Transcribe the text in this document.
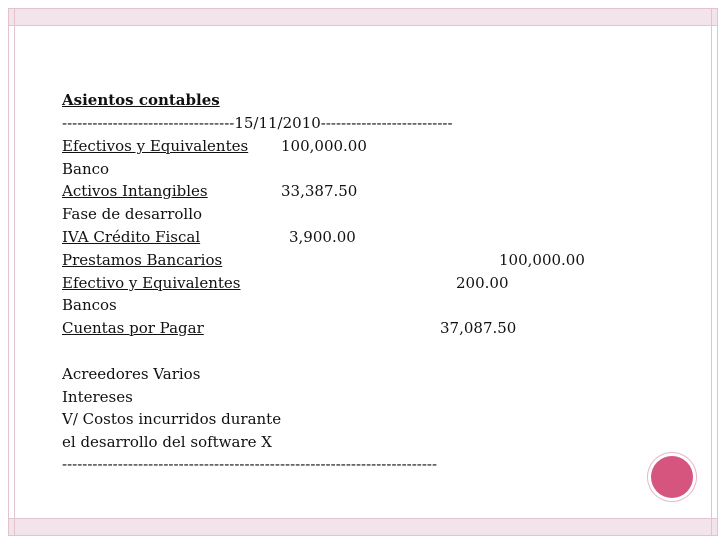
Asientos contables
----------------------------------15/11/2010--------------------------
Efectivos y Equivalentes 100,000.00
Banco
Activos Intangibles	33,387.50
Fase de desarrollo
IVA Crédito Fiscal	3,900.00
Prestamos Bancarios	100,000.00
Efectivo y Equivalentes	200.00
Bancos
Cuentas por Pagar	37,087.50
Acreedores Varios
Intereses
V/ Costos incurridos durante
el desarrollo del software X
--------------------------------------------------------------------------
